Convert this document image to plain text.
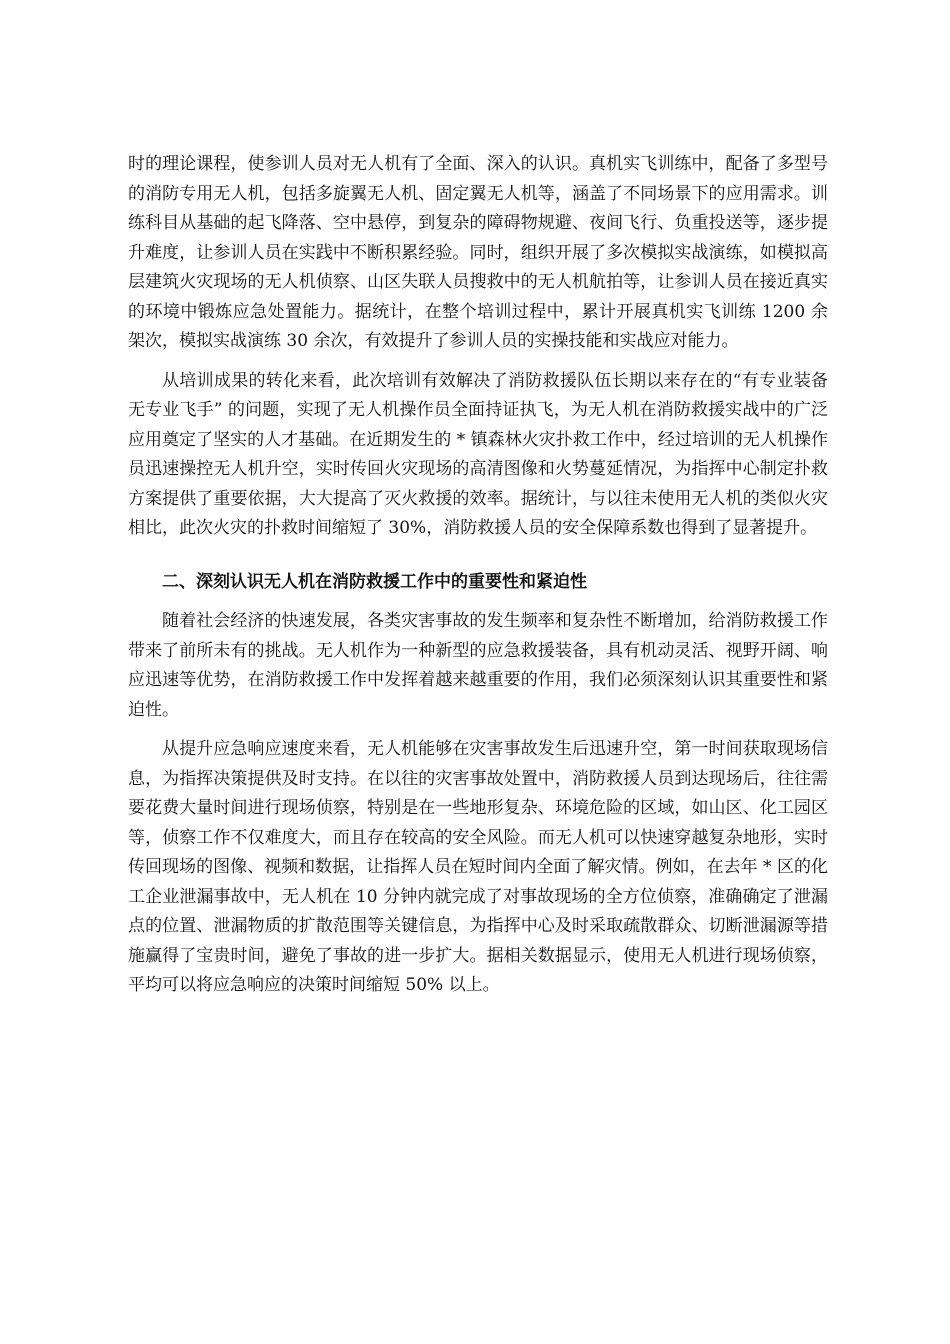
时的理论课程，使参训人员对无人机有了全面、深入的认识。真机实飞训练中，配备了多型号的消防专用无人机，包括多旋翼无人机、固定翼无人机等，涵盖了不同场景下的应用需求。训练科目从基础的起飞降落、空中悬停，到复杂的障碍物规避、夜间飞行、负重投送等，逐步提升难度，让参训人员在实践中不断积累经验。同时，组织开展了多次模拟实战演练，如模拟高层建筑火灾现场的无人机侦察、山区失联人员搜救中的无人机航拍等，让参训人员在接近真实的环境中锻炼应急处置能力。据统计，在整个培训过程中，累计开展真机实飞训练 1200 余架次，模拟实战演练 30 余次，有效提升了参训人员的实操技能和实战应对能力。

从培训成果的转化来看，此次培训有效解决了消防救援队伍长期以来存在的“有专业装备无专业飞手” 的问题，实现了无人机操作员全面持证执飞，为无人机在消防救援实战中的广泛应用奠定了坚实的人才基础。在近期发生的 * 镇森林火灾扑救工作中，经过培训的无人机操作员迅速操控无人机升空，实时传回火灾现场的高清图像和火势蔓延情况，为指挥中心制定扑救方案提供了重要依据，大大提高了灭火救援的效率。据统计，与以往未使用无人机的类似火灾相比，此次火灾的扑救时间缩短了 30%，消防救援人员的安全保障系数也得到了显著提升。

二、深刻认识无人机在消防救援工作中的重要性和紧迫性

随着社会经济的快速发展，各类灾害事故的发生频率和复杂性不断增加，给消防救援工作带来了前所未有的挑战。无人机作为一种新型的应急救援装备，具有机动灵活、视野开阔、响应迅速等优势，在消防救援工作中发挥着越来越重要的作用，我们必须深刻认识其重要性和紧迫性。

从提升应急响应速度来看，无人机能够在灾害事故发生后迅速升空，第一时间获取现场信息，为指挥决策提供及时支持。在以往的灾害事故处置中，消防救援人员到达现场后，往往需要花费大量时间进行现场侦察，特别是在一些地形复杂、环境危险的区域，如山区、化工园区等，侦察工作不仅难度大，而且存在较高的安全风险。而无人机可以快速穿越复杂地形，实时传回现场的图像、视频和数据，让指挥人员在短时间内全面了解灾情。例如，在去年 * 区的化工企业泄漏事故中，无人机在 10 分钟内就完成了对事故现场的全方位侦察，准确确定了泄漏点的位置、泄漏物质的扩散范围等关键信息，为指挥中心及时采取疏散群众、切断泄漏源等措施赢得了宝贵时间，避免了事故的进一步扩大。据相关数据显示，使用无人机进行现场侦察，平均可以将应急响应的决策时间缩短 50% 以上。
